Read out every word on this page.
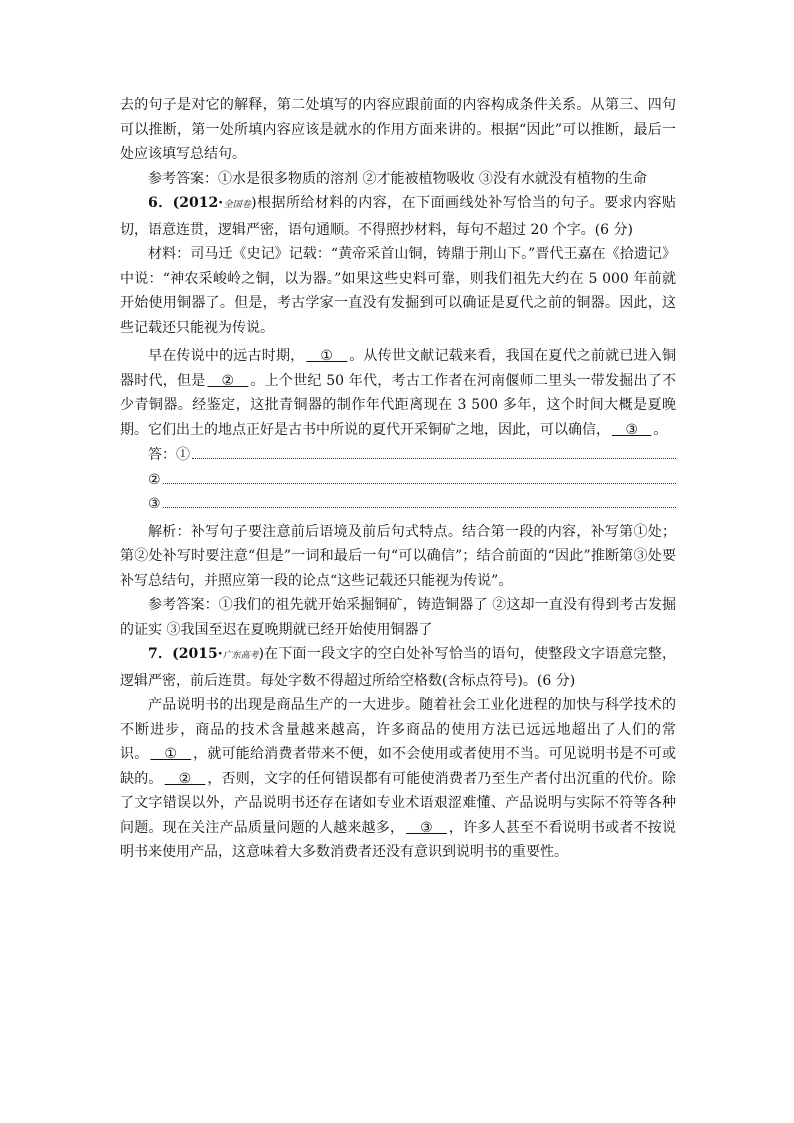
去的句子是对它的解释，第二处填写的内容应跟前面的内容构成条件关系。从第三、四句可以推断，第一处所填内容应该是就水的作用方面来讲的。根据“因此”可以推断，最后一处应该填写总结句。

参考答案：①水是很多物质的溶剂 ②才能被植物吸收 ③没有水就没有植物的生命

6．(2012·全国卷)根据所给材料的内容，在下面画线处补写恰当的句子。要求内容贴切，语意连贯，逻辑严密，语句通顺。不得照抄材料，每句不超过 20 个字。(6 分)

材料：司马迁《史记》记载：“黄帝采首山铜，铸鼎于荆山下。”晋代王嘉在《拾遗记》中说：“神农采峻岭之铜，以为器。”如果这些史料可靠，则我们祖先大约在 5 000 年前就开始使用铜器了。但是，考古学家一直没有发掘到可以确证是夏代之前的铜器。因此，这些记载还只能视为传说。

早在传说中的远古时期，   ①   。从传世文献记载来看，我国在夏代之前就已进入铜器时代，但是   ②   。上个世纪 50 年代，考古工作者在河南偃师二里头一带发掘出了不少青铜器。经鉴定，这批青铜器的制作年代距离现在 3 500 多年，这个时间大概是夏晚期。它们出土的地点正好是古书中所说的夏代开采铜矿之地，因此，可以确信，   ③   。

答：①
②
③

解析：补写句子要注意前后语境及前后句式特点。结合第一段的内容，补写第①处；第②处补写时要注意“但是”一词和最后一句“可以确信”；结合前面的“因此”推断第③处要补写总结句，并照应第一段的论点“这些记载还只能视为传说”。

参考答案：①我们的祖先就开始采掘铜矿，铸造铜器了 ②这却一直没有得到考古发掘的证实 ③我国至迟在夏晚期就已经开始使用铜器了

7．(2015·广东高考)在下面一段文字的空白处补写恰当的语句，使整段文字语意完整，逻辑严密，前后连贯。每处字数不得超过所给空格数(含标点符号)。(6 分)

产品说明书的出现是商品生产的一大进步。随着社会工业化进程的加快与科学技术的不断进步，商品的技术含量越来越高，许多商品的使用方法已远远地超出了人们的常识。   ①   ，就可能给消费者带来不便，如不会使用或者使用不当。可见说明书是不可或缺的。   ②   ，否则，文字的任何错误都有可能使消费者乃至生产者付出沉重的代价。除了文字错误以外，产品说明书还存在诸如专业术语艰涩难懂、产品说明与实际不符等各种问题。现在关注产品质量问题的人越来越多，   ③   ，许多人甚至不看说明书或者不按说明书来使用产品，这意味着大多数消费者还没有意识到说明书的重要性。
